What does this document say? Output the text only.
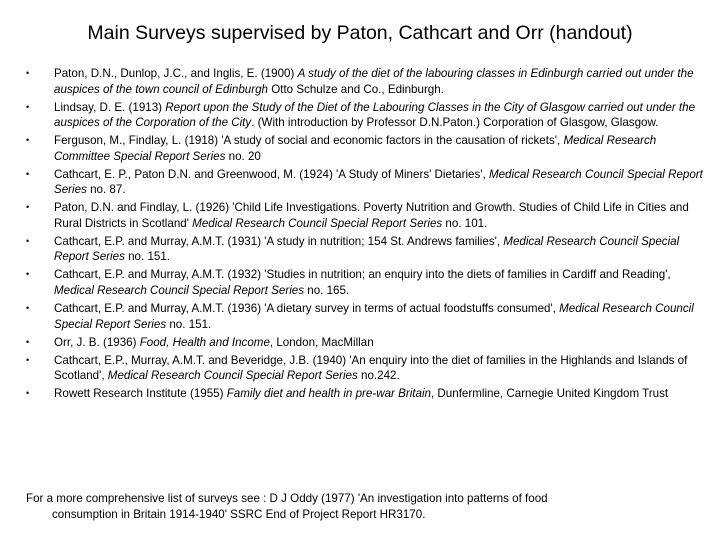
Main Surveys supervised by Paton, Cathcart and Orr (handout)
•	Paton, D.N., Dunlop, J.C., and Inglis, E. (1900) A study of the diet of the labouring classes in Edinburgh carried out under the auspices of the town council of Edinburgh Otto Schulze and Co., Edinburgh.
•	Lindsay, D. E. (1913) Report upon the Study of the Diet of the Labouring Classes in the City of Glasgow carried out under the auspices of the Corporation of the City. (With introduction by Professor D.N.Paton.) Corporation of Glasgow, Glasgow.
•	Ferguson, M., Findlay, L. (1918) 'A study of social and economic factors in the causation of rickets', Medical Research Committee Special Report Series no. 20
•	Cathcart, E. P., Paton D.N. and Greenwood, M. (1924) 'A Study of Miners' Dietaries', Medical Research Council Special Report Series no. 87.
•	Paton, D.N. and Findlay, L. (1926) 'Child Life Investigations. Poverty Nutrition and Growth. Studies of Child Life in Cities and Rural Districts in Scotland' Medical Research Council Special Report Series no. 101.
•	Cathcart, E.P. and Murray, A.M.T. (1931) 'A study in nutrition; 154 St. Andrews families', Medical Research Council Special Report Series no. 151.
•	Cathcart, E.P. and Murray, A.M.T. (1932) 'Studies in nutrition; an enquiry into the diets of families in Cardiff and Reading', Medical Research Council Special Report Series no. 165.
•	Cathcart, E.P. and Murray, A.M.T. (1936) 'A dietary survey in terms of actual foodstuffs consumed', Medical Research Council Special Report Series no. 151.
•	Orr, J. B. (1936) Food, Health and Income, London, MacMillan
•	Cathcart, E.P., Murray, A.M.T. and Beveridge, J.B. (1940) 'An enquiry into the diet of families in the Highlands and Islands of Scotland', Medical Research Council Special Report Series no.242.
•	Rowett Research Institute (1955) Family diet and health in pre-war Britain, Dunfermline, Carnegie United Kingdom Trust
For a more comprehensive list of surveys see : D J Oddy (1977) 'An investigation into patterns of food consumption in Britain 1914-1940' SSRC End of Project Report HR3170.
